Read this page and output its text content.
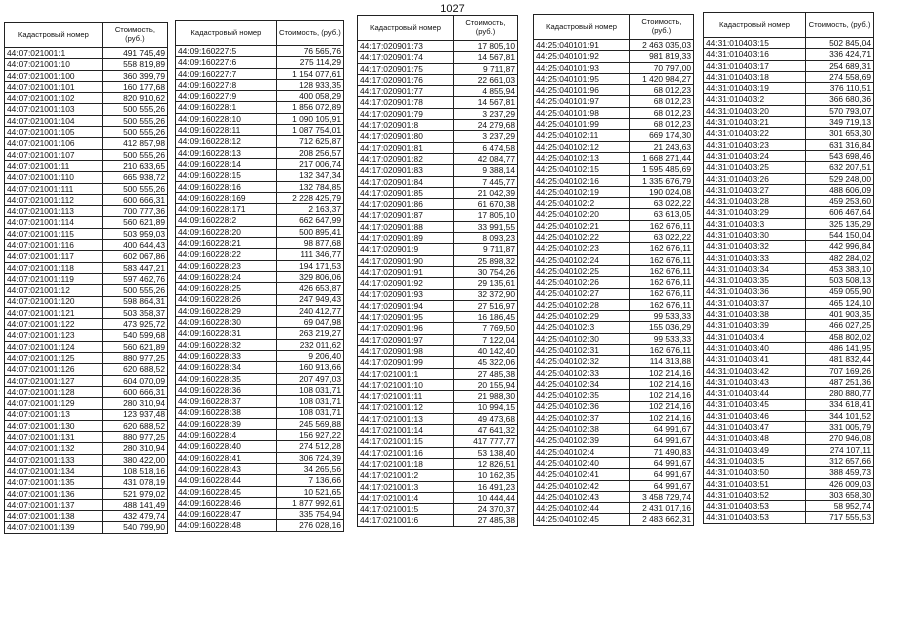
1027
Кадастровый номер	Стоимость, (руб.)
44:07:021001:1	491 745,49
44:07:021001:10	558 819,89
44:07:021001:100	360 399,79
44:07:021001:101	160 177,68
44:07:021001:102	820 910,62
44:07:021001:103	500 555,26
44:07:021001:104	500 555,26
44:07:021001:105	500 555,26
44:07:021001:106	412 857,98
44:07:021001:107	500 555,26
44:07:021001:11	210 633,65
44:07:021001:110	665 938,72
44:07:021001:111	500 555,26
44:07:021001:112	600 666,31
44:07:021001:113	700 777,36
44:07:021001:114	560 621,89
44:07:021001:115	503 959,03
44:07:021001:116	400 644,43
44:07:021001:117	602 067,86
44:07:021001:118	583 447,21
44:07:021001:119	597 462,76
44:07:021001:12	500 555,26
44:07:021001:120	598 864,31
44:07:021001:121	503 358,37
44:07:021001:122	473 925,72
44:07:021001:123	540 599,68
44:07:021001:124	560 621,89
44:07:021001:125	880 977,25
44:07:021001:126	620 688,52
44:07:021001:127	604 070,09
44:07:021001:128	600 666,31
44:07:021001:129	280 310,94
44:07:021001:13	123 937,48
44:07:021001:130	620 688,52
44:07:021001:131	880 977,25
44:07:021001:132	280 310,94
44:07:021001:133	380 422,00
44:07:021001:134	108 518,16
44:07:021001:135	431 078,19
44:07:021001:136	521 979,02
44:07:021001:137	488 141,49
44:07:021001:138	432 479,74
44:07:021001:139	540 799,90
Кадастровый номер	Стоимость, (руб.)
44:09:160227:5	76 565,76
44:09:160227:6	275 114,29
44:09:160227:7	1 154 077,61
44:09:160227:8	128 933,35
44:09:160227:9	400 058,29
44:09:160228:1	1 856 072,89
44:09:160228:10	1 090 105,91
44:09:160228:11	1 087 754,01
44:09:160228:12	712 625,87
44:09:160228:13	208 256,57
44:09:160228:14	217 006,74
44:09:160228:15	132 347,34
44:09:160228:16	132 784,85
44:09:160228:169	2 228 425,79
44:09:160228:171	2 163,37
44:09:160228:2	662 647,99
44:09:160228:20	500 895,41
44:09:160228:21	98 877,68
44:09:160228:22	111 346,77
44:09:160228:23	194 171,53
44:09:160228:24	329 806,06
44:09:160228:25	426 653,87
44:09:160228:26	247 949,43
44:09:160228:29	240 412,77
44:09:160228:30	69 047,98
44:09:160228:31	263 219,27
44:09:160228:32	232 011,62
44:09:160228:33	9 206,40
44:09:160228:34	160 913,66
44:09:160228:35	207 497,03
44:09:160228:36	108 031,71
44:09:160228:37	108 031,71
44:09:160228:38	108 031,71
44:09:160228:39	245 569,88
44:09:160228:4	156 927,22
44:09:160228:40	274 512,28
44:09:160228:41	306 724,39
44:09:160228:43	34 265,56
44:09:160228:44	7 136,66
44:09:160228:45	10 521,65
44:09:160228:46	1 877 992,61
44:09:160228:47	335 754,94
44:09:160228:48	276 028,16
Кадастровый номер	Стоимость, (руб.)
44:17:020901:73	17 805,10
44:17:020901:74	14 567,81
44:17:020901:75	9 711,87
44:17:020901:76	22 661,03
44:17:020901:77	4 855,94
44:17:020901:78	14 567,81
44:17:020901:79	3 237,29
44:17:020901:8	24 279,68
44:17:020901:80	3 237,29
44:17:020901:81	6 474,58
44:17:020901:82	42 084,77
44:17:020901:83	9 388,14
44:17:020901:84	7 445,77
44:17:020901:85	21 042,39
44:17:020901:86	61 670,38
44:17:020901:87	17 805,10
44:17:020901:88	33 991,55
44:17:020901:89	8 093,23
44:17:020901:9	9 711,87
44:17:020901:90	25 898,32
44:17:020901:91	30 754,26
44:17:020901:92	29 135,61
44:17:020901:93	32 372,90
44:17:020901:94	27 516,97
44:17:020901:95	16 186,45
44:17:020901:96	7 769,50
44:17:020901:97	7 122,04
44:17:020901:98	40 142,40
44:17:020901:99	45 322,06
44:17:021001:1	27 485,38
44:17:021001:10	20 155,94
44:17:021001:11	21 988,30
44:17:021001:12	10 994,15
44:17:021001:13	49 473,68
44:17:021001:14	47 641,32
44:17:021001:15	417 777,77
44:17:021001:16	53 138,40
44:17:021001:18	12 826,51
44:17:021001:2	10 162,35
44:17:021001:3	16 491,23
44:17:021001:4	10 444,44
44:17:021001:5	24 370,37
44:17:021001:6	27 485,38
Кадастровый номер	Стоимость, (руб.)
44:25:040101:91	2 463 035,03
44:25:040101:92	981 819,33
44:25:040101:93	70 797,00
44:25:040101:95	1 420 984,27
44:25:040101:96	68 012,23
44:25:040101:97	68 012,23
44:25:040101:98	68 012,23
44:25:040101:99	68 012,23
44:25:040102:11	669 174,30
44:25:040102:12	21 243,63
44:25:040102:13	1 668 271,44
44:25:040102:15	1 595 485,69
44:25:040102:16	1 335 676,79
44:25:040102:19	190 024,08
44:25:040102:2	63 022,22
44:25:040102:20	63 613,05
44:25:040102:21	162 676,11
44:25:040102:22	63 022,22
44:25:040102:23	162 676,11
44:25:040102:24	162 676,11
44:25:040102:25	162 676,11
44:25:040102:26	162 676,11
44:25:040102:27	162 676,11
44:25:040102:28	162 676,11
44:25:040102:29	99 533,33
44:25:040102:3	155 036,29
44:25:040102:30	99 533,33
44:25:040102:31	162 676,11
44:25:040102:32	114 313,88
44:25:040102:33	102 214,16
44:25:040102:34	102 214,16
44:25:040102:35	102 214,16
44:25:040102:36	102 214,16
44:25:040102:37	102 214,16
44:25:040102:38	64 991,67
44:25:040102:39	64 991,67
44:25:040102:4	71 490,83
44:25:040102:40	64 991,67
44:25:040102:41	64 991,67
44:25:040102:42	64 991,67
44:25:040102:43	3 458 729,74
44:25:040102:44	2 431 017,16
44:25:040102:45	2 483 662,31
Кадастровый номер	Стоимость, (руб.)
44:31:010403:15	502 845,04
44:31:010403:16	336 424,71
44:31:010403:17	254 689,31
44:31:010403:18	274 558,69
44:31:010403:19	376 110,51
44:31:010403:2	366 680,36
44:31:010403:20	570 793,07
44:31:010403:21	349 719,13
44:31:010403:22	301 653,30
44:31:010403:23	631 316,84
44:31:010403:24	543 698,46
44:31:010403:25	632 207,51
44:31:010403:26	529 248,00
44:31:010403:27	488 606,09
44:31:010403:28	459 253,60
44:31:010403:29	606 467,64
44:31:010403:3	325 135,29
44:31:010403:30	544 150,04
44:31:010403:32	442 996,84
44:31:010403:33	482 284,02
44:31:010403:34	453 383,10
44:31:010403:35	503 508,13
44:31:010403:36	459 055,90
44:31:010403:37	465 124,10
44:31:010403:38	401 903,35
44:31:010403:39	466 027,25
44:31:010403:4	458 802,02
44:31:010403:40	486 141,95
44:31:010403:41	481 832,44
44:31:010403:42	707 169,26
44:31:010403:43	487 251,36
44:31:010403:44	280 880,77
44:31:010403:45	334 618,41
44:31:010403:46	344 101,52
44:31:010403:47	331 005,79
44:31:010403:48	270 946,08
44:31:010403:49	274 107,11
44:31:010403:5	312 657,66
44:31:010403:50	388 459,73
44:31:010403:51	426 009,03
44:31:010403:52	303 658,30
44:31:010403:53	58 952,74
44:31:010403:53	717 555,53
